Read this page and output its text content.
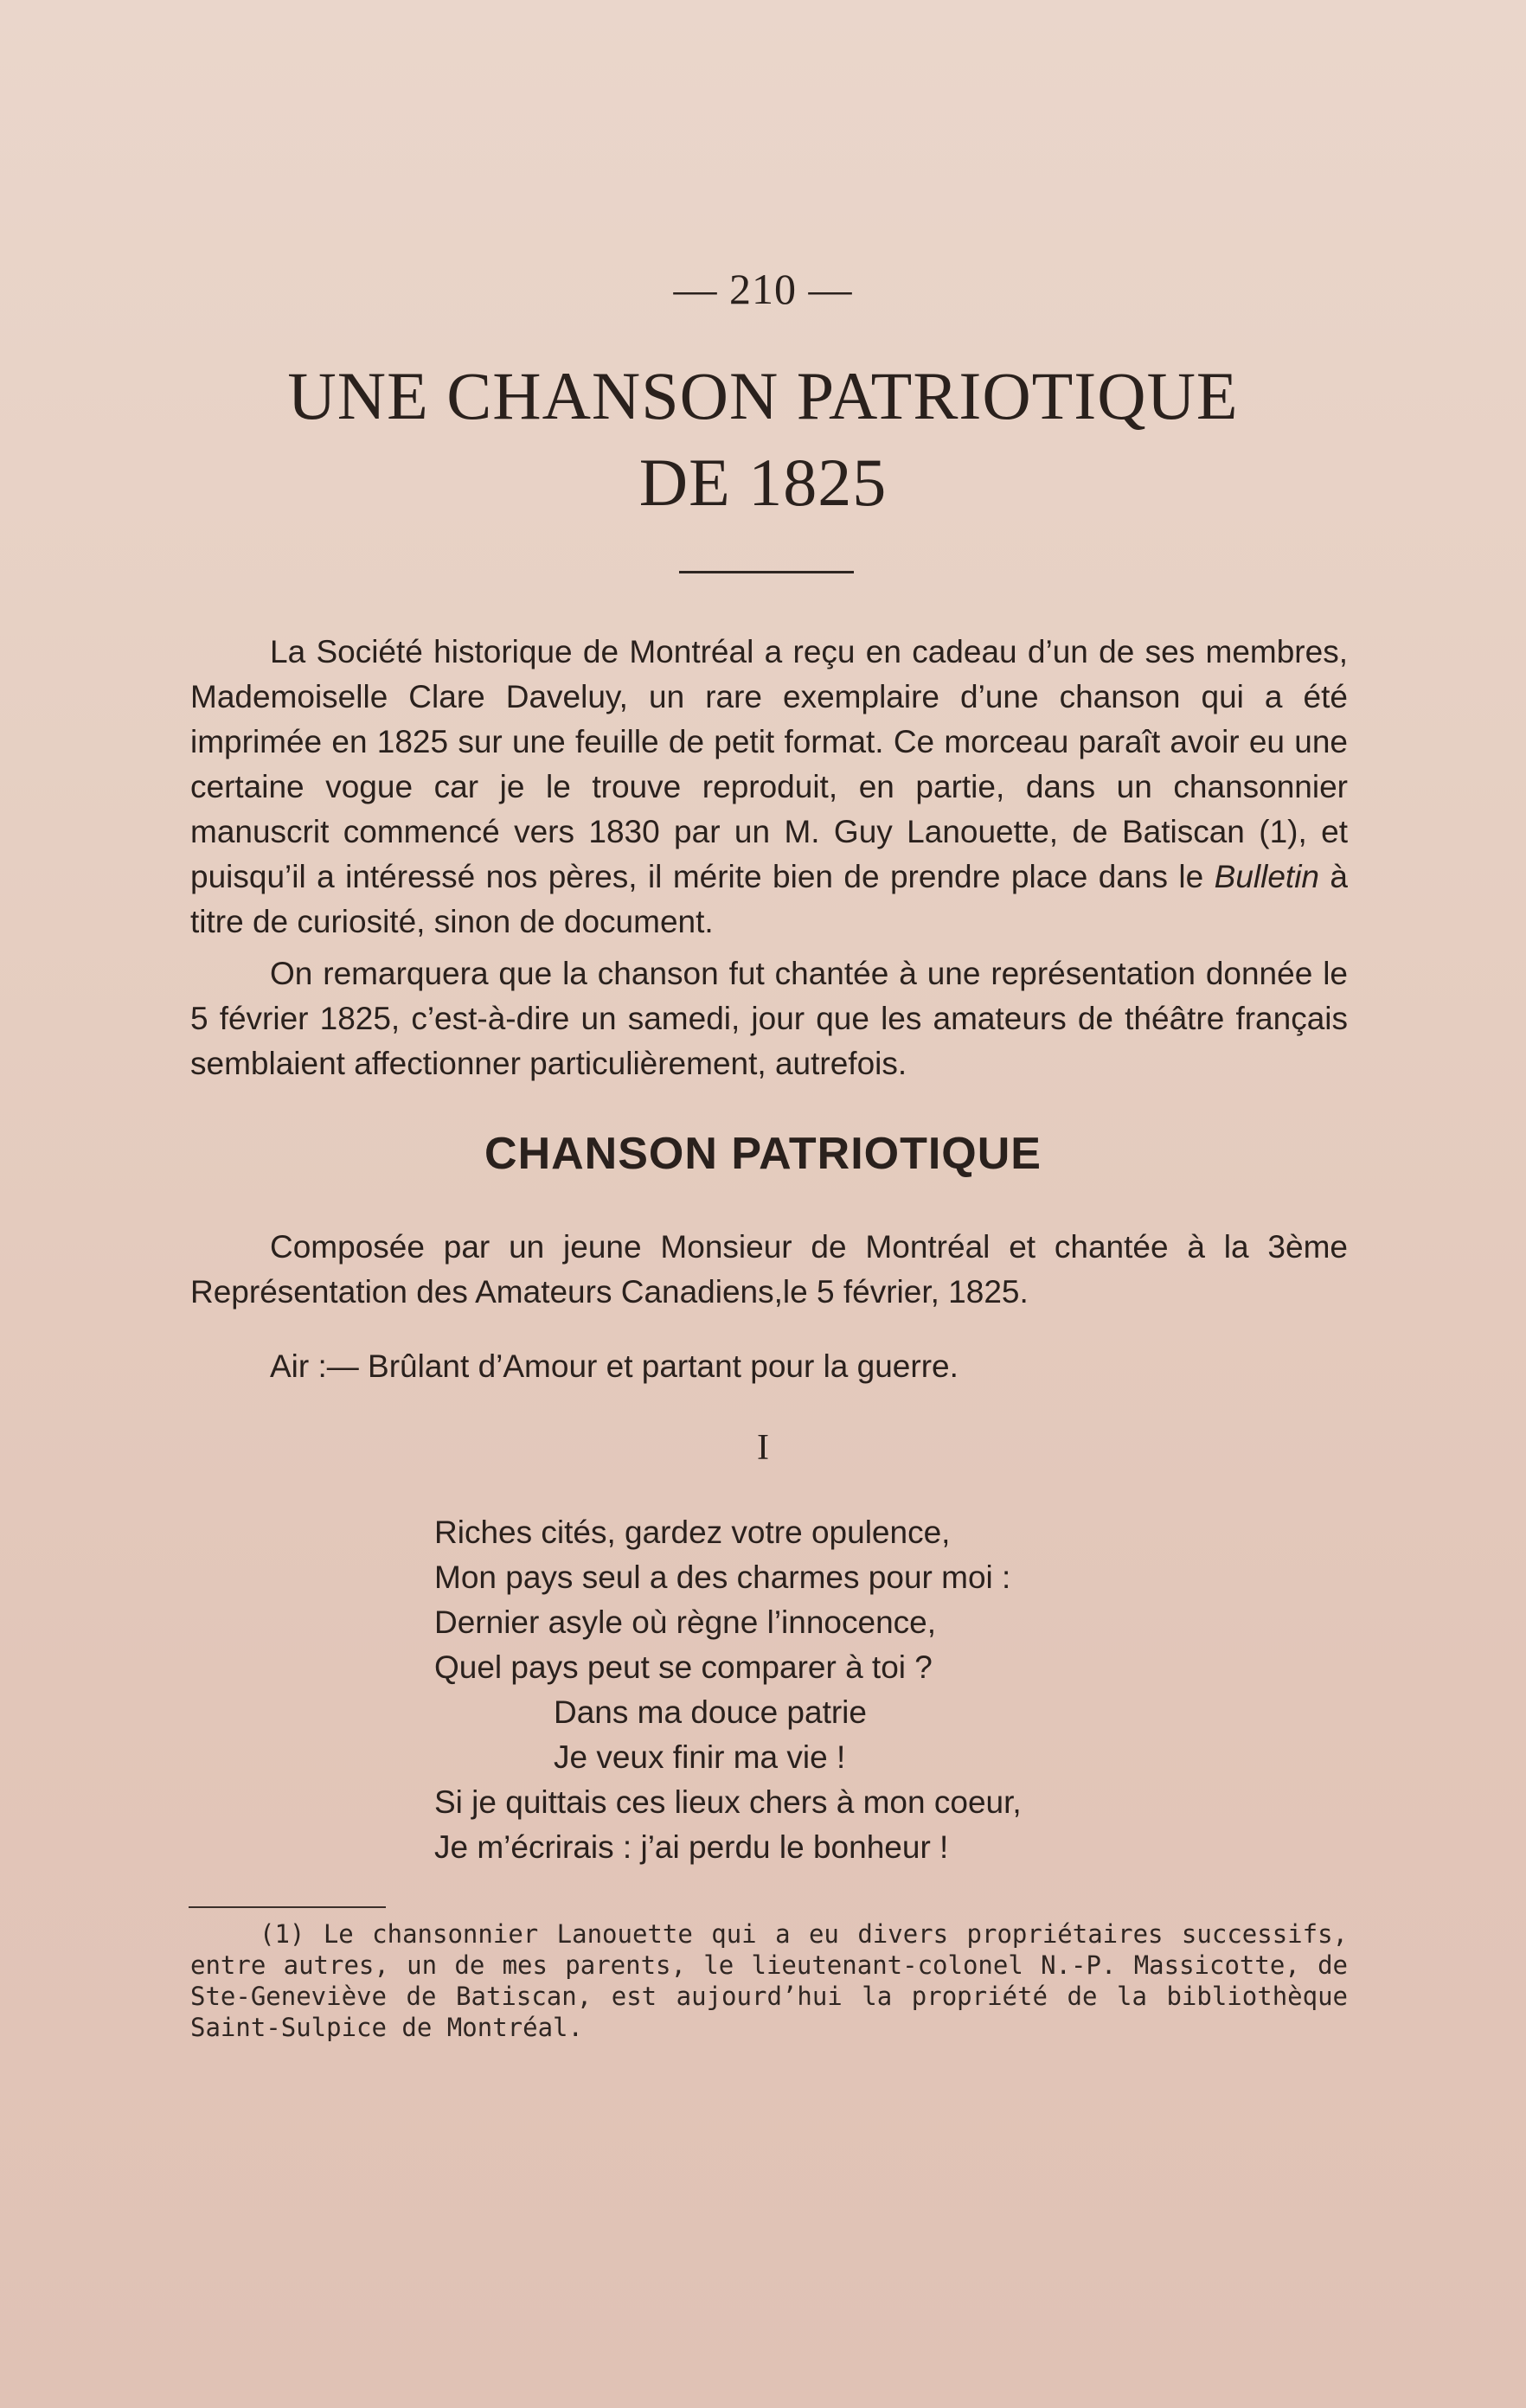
— 210 —
UNE CHANSON PATRIOTIQUE
DE 1825

La Société historique de Montréal a reçu en cadeau d’un de ses membres, Mademoiselle Clare Daveluy, un rare exemplaire d’une chanson qui a été imprimée en 1825 sur une feuille de petit format. Ce morceau paraît avoir eu une certaine vogue car je le trouve reproduit, en partie, dans un chansonnier manuscrit commencé vers 1830 par un M. Guy Lanouette, de Batiscan (1), et puisqu’il a intéressé nos pères, il mérite bien de prendre place dans le Bulletin à titre de curiosité, sinon de document.

On remarquera que la chanson fut chantée à une représentation donnée le 5 février 1825, c’est-à-dire un samedi, jour que les amateurs de théâtre français semblaient affectionner particulièrement, autrefois.

CHANSON PATRIOTIQUE

Composée par un jeune Monsieur de Montréal et chantée à la 3ème Représentation des Amateurs Canadiens,le 5 février, 1825.

Air :— Brûlant d’Amour et partant pour la guerre.

I

Riches cités, gardez votre opulence,

Mon pays seul a des charmes pour moi :

Dernier asyle où règne l’innocence,

Quel pays peut se comparer à toi ?

Dans ma douce patrie

Je veux finir ma vie !

Si je quittais ces lieux chers à mon coeur,

Je m’écrirais : j’ai perdu le bonheur !

(1) Le chansonnier Lanouette qui a eu divers propriétaires successifs, entre autres, un de mes parents, le lieutenant-colonel N.-P. Massicotte, de Ste-Geneviève de Batiscan, est aujourd’hui la propriété de la bibliothèque Saint-Sulpice de Montréal.
